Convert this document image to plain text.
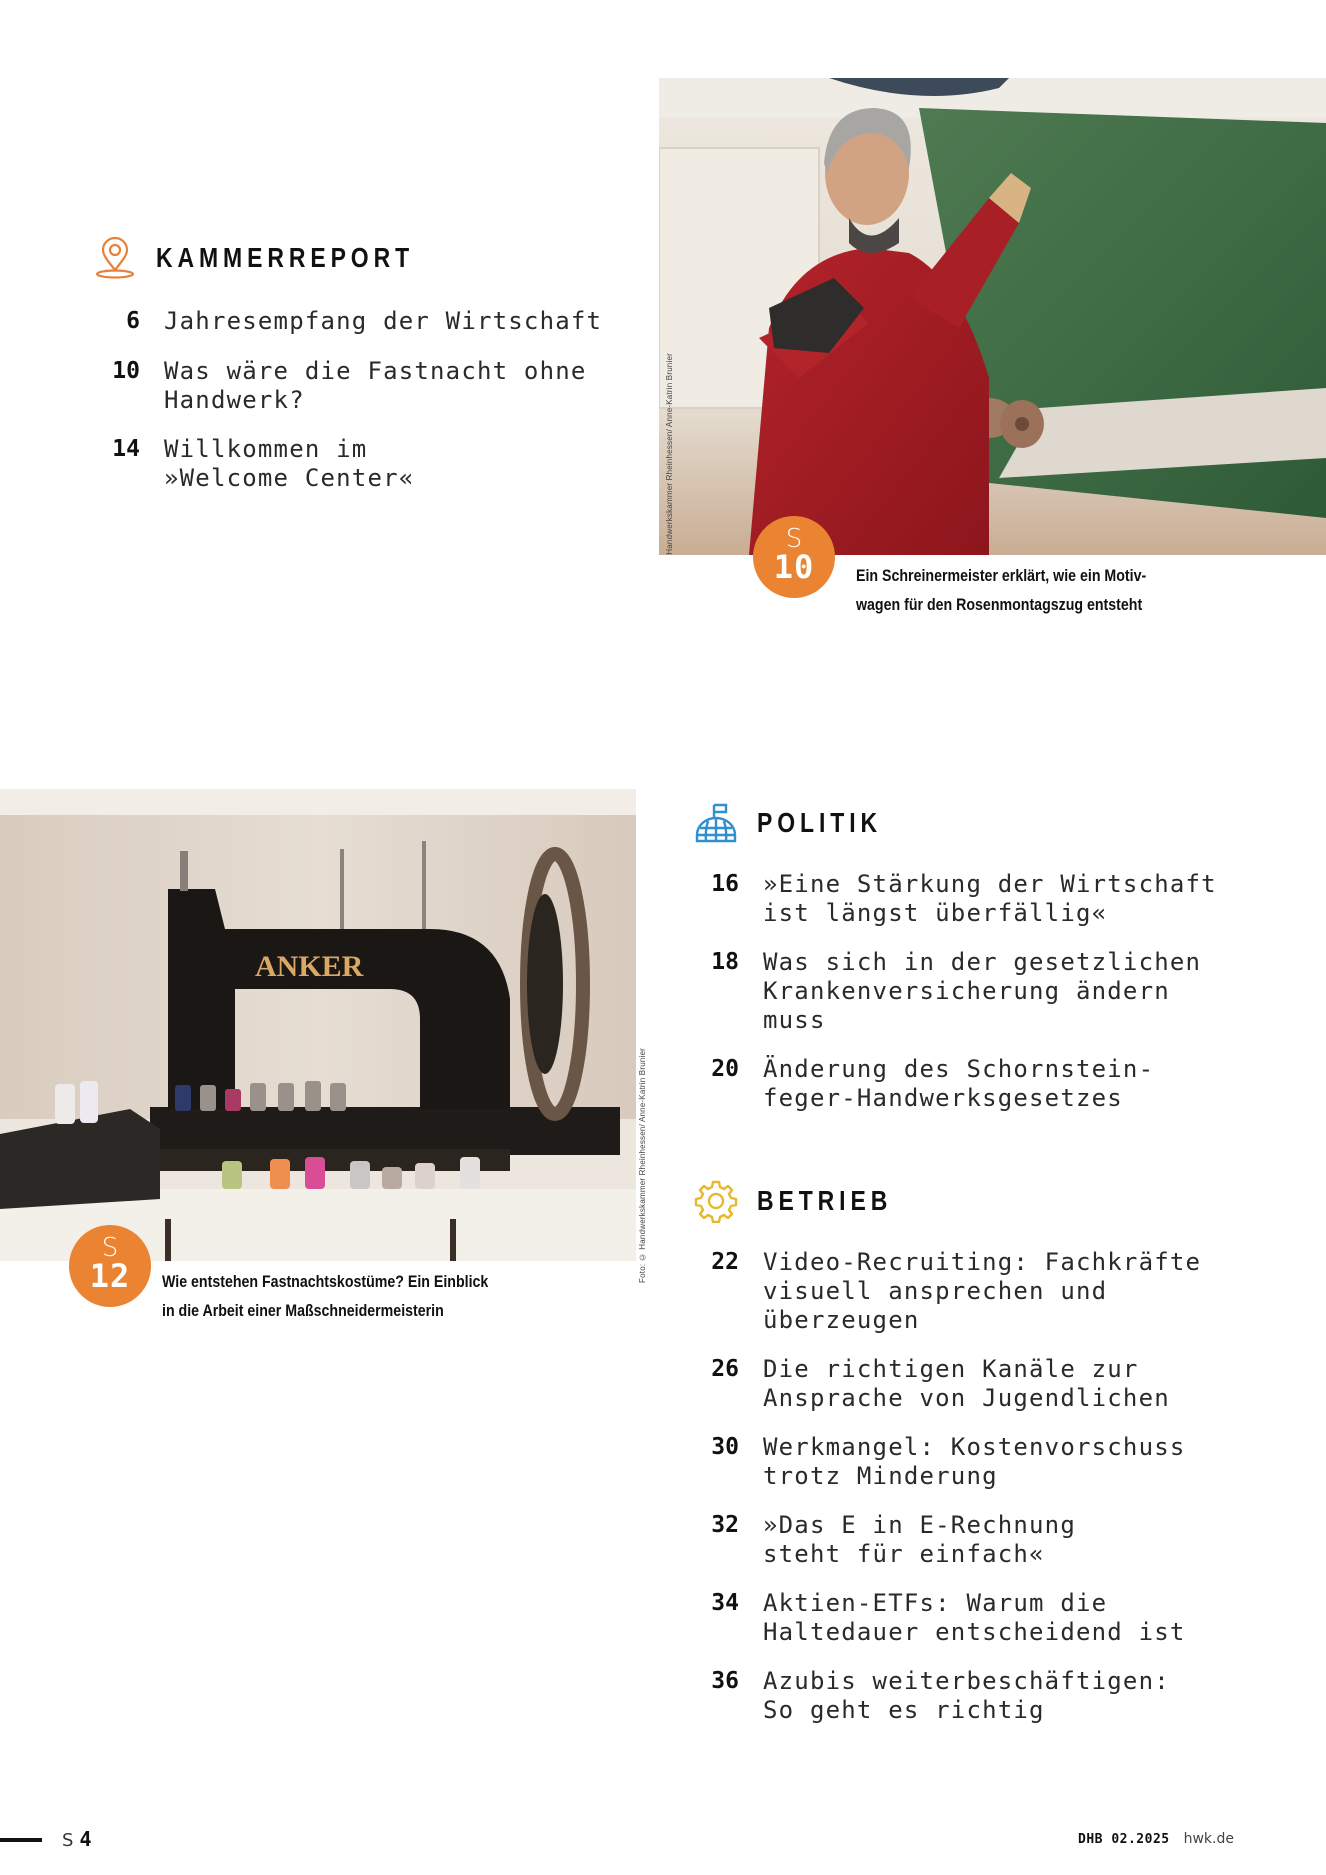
KAMMERREPORT
6 Jahresempfang der Wirtschaft
10 Was wäre die Fastnacht ohne
Handwerk?
14 Willkommen im
»Welcome Center«	Handwerkskammer Rheinhessen/ Anne-Katrin Brunier	S
10	Ein Schreinermeister erklärt, wie ein Motiv-
wagen für den Rosenmontagszug entsteht
ANKER
Foto: © Handwerkskammer Rheinhessen/ Anne-Katrin Brunier
S
12	Wie entstehen Fastnachtskostüme? Ein Einblick
in die Arbeit einer Maßschneidermeisterin
POLITIK
16 »Eine Stärkung der Wirtschaft
ist längst überfällig«
18 Was sich in der gesetzlichen
Krankenversicherung ändern
muss
20 Änderung des Schornstein-
feger-Handwerksgesetzes
BETRIEB
22 Video-Recruiting: Fachkräfte
visuell ansprechen und
überzeugen
26 Die richtigen Kanäle zur
Ansprache von Jugendlichen
30 Werkmangel: Kostenvorschuss
trotz Minderung
32 »Das E in E-Rechnung
steht für einfach«
34 Aktien-ETFs: Warum die
Haltedauer entscheidend ist
36 Azubis weiterbeschäftigen:
So geht es richtig
S 4	DHB 02.2025 hwk.de
